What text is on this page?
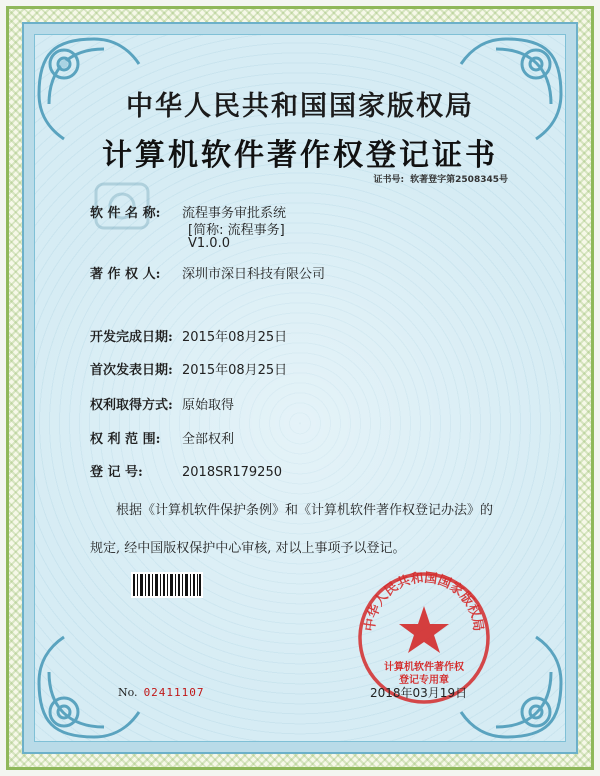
中华人民共和国国家版权局
计算机软件著作权登记证书
证书号: 软著登字第2508345号
软 件 名 称: 流程事务审批系统
[简称: 流程事务]
V1.0.0
著 作 权 人: 深圳市深日科技有限公司
开发完成日期: 2015年08月25日
首次发表日期: 2015年08月25日
权利取得方式: 原始取得
权 利 范 围: 全部权利
登 记 号:	2018SR179250
根据《计算机软件保护条例》和《计算机软件著作权登记办法》的
规定, 经中国版权保护中心审核, 对以上事项予以登记。
No. 02411107
中华人民共和国国家版权局
计算机软件著作权
登记专用章
2018年03月19日
